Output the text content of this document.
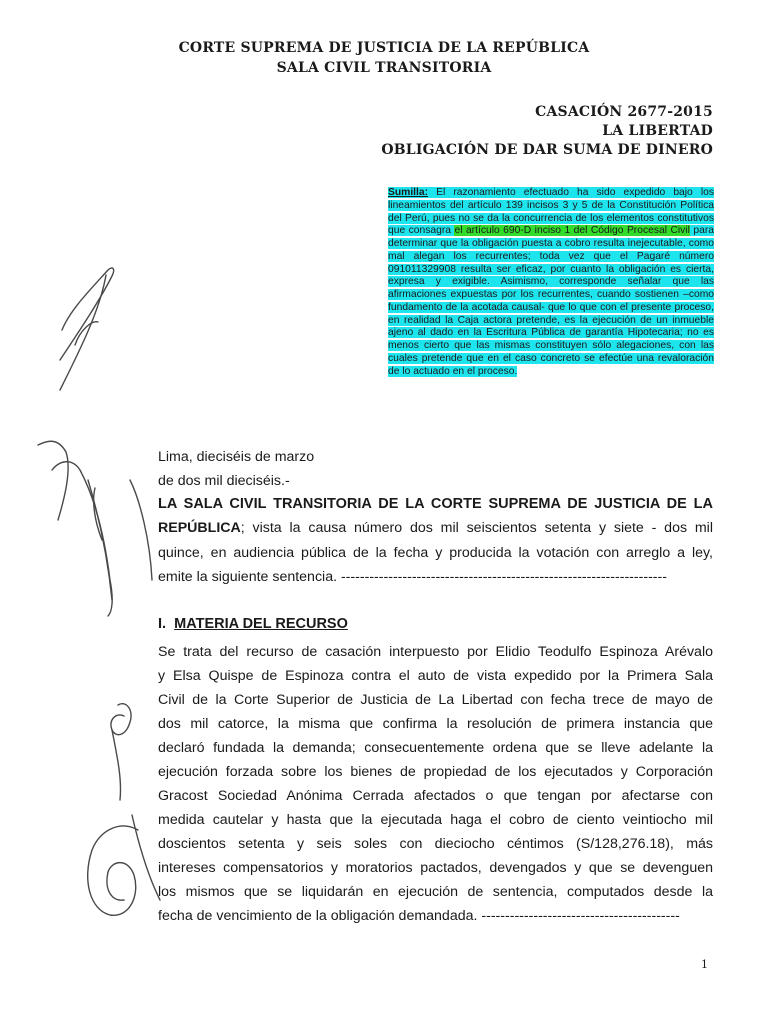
CORTE SUPREMA DE JUSTICIA DE LA REPÚBLICA
SALA CIVIL TRANSITORIA
CASACIÓN 2677-2015
LA LIBERTAD
OBLIGACIÓN DE DAR SUMA DE DINERO
Sumilla: El razonamiento efectuado ha sido expedido bajo los lineamientos del artículo 139 incisos 3 y 5 de la Constitución Política del Perú, pues no se da la concurrencia de los elementos constitutivos que consagra el artículo 690-D inciso 1 del Código Procesal Civil para determinar que la obligación puesta a cobro resulta inejecutable, como mal alegan los recurrentes; toda vez que el Pagaré número 091011329908 resulta ser eficaz, por cuanto la obligación es cierta, expresa y exigible. Asimismo, corresponde señalar que las afirmaciones expuestas por los recurrentes, cuando sostienen –como fundamento de la acotada causal- que lo que con el presente proceso, en realidad la Caja actora pretende, es la ejecución de un inmueble ajeno al dado en la Escritura Pública de garantía Hipotecaria; no es menos cierto que las mismas constituyen sólo alegaciones, con las cuales pretende que en el caso concreto se efectúe una revaloración de lo actuado en el proceso.
Lima, dieciséis de marzo
de dos mil dieciséis.-
LA SALA CIVIL TRANSITORIA DE LA CORTE SUPREMA DE JUSTICIA DE LA
REPÚBLICA; vista la causa número dos mil seiscientos setenta y siete - dos mil
quince, en audiencia pública de la fecha y producida la votación con arreglo a ley,
emite la siguiente sentencia. ---------------------------------------------------------------------
I. MATERIA DEL RECURSO
Se trata del recurso de casación interpuesto por Elidio Teodulfo Espinoza Arévalo
y Elsa Quispe de Espinoza contra el auto de vista expedido por la Primera Sala
Civil de la Corte Superior de Justicia de La Libertad con fecha trece de mayo de
dos mil catorce, la misma que confirma la resolución de primera instancia que
declaró fundada la demanda; consecuentemente ordena que se lleve adelante la
ejecución forzada sobre los bienes de propiedad de los ejecutados y Corporación
Gracost Sociedad Anónima Cerrada afectados o que tengan por afectarse con
medida cautelar y hasta que la ejecutada haga el cobro de ciento veintiocho mil
doscientos setenta y seis soles con dieciocho céntimos (S/128,276.18), más
intereses compensatorios y moratorios pactados, devengados y que se devenguen
los mismos que se liquidarán en ejecución de sentencia, computados desde la
fecha de vencimiento de la obligación demandada. ------------------------------------------
1
